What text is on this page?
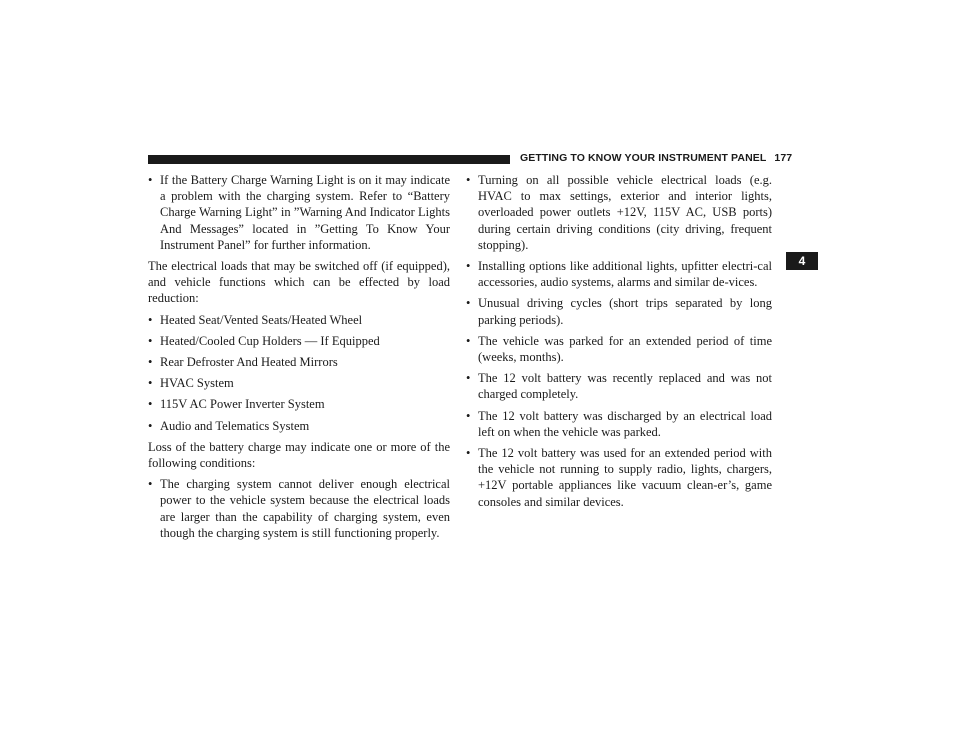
GETTING TO KNOW YOUR INSTRUMENT PANEL 177
4

• If the Battery Charge Warning Light is on it may indicate a problem with the charging system. Refer to “Battery Charge Warning Light” in ”Warning And Indicator Lights And Messages” located in ”Getting To Know Your Instrument Panel” for further information.

The electrical loads that may be switched off (if equipped), and vehicle functions which can be effected by load reduction:

• Heated Seat/Vented Seats/Heated Wheel

• Heated/Cooled Cup Holders — If Equipped

• Rear Defroster And Heated Mirrors

• HVAC System

• 115V AC Power Inverter System

• Audio and Telematics System

Loss of the battery charge may indicate one or more of the following conditions:

• The charging system cannot deliver enough electrical power to the vehicle system because the electrical loads are larger than the capability of charging system, even though the charging system is still functioning properly.

• Turning on all possible vehicle electrical loads (e.g. HVAC to max settings, exterior and interior lights, overloaded power outlets +12V, 115V AC, USB ports) during certain driving conditions (city driving, frequent stopping).

• Installing options like additional lights, upfitter electri-cal accessories, audio systems, alarms and similar de-vices.

• Unusual driving cycles (short trips separated by long parking periods).

• The vehicle was parked for an extended period of time (weeks, months).

• The 12 volt battery was recently replaced and was not charged completely.

• The 12 volt battery was discharged by an electrical load left on when the vehicle was parked.

• The 12 volt battery was used for an extended period with the vehicle not running to supply radio, lights, chargers, +12V portable appliances like vacuum clean-er’s, game consoles and similar devices.
